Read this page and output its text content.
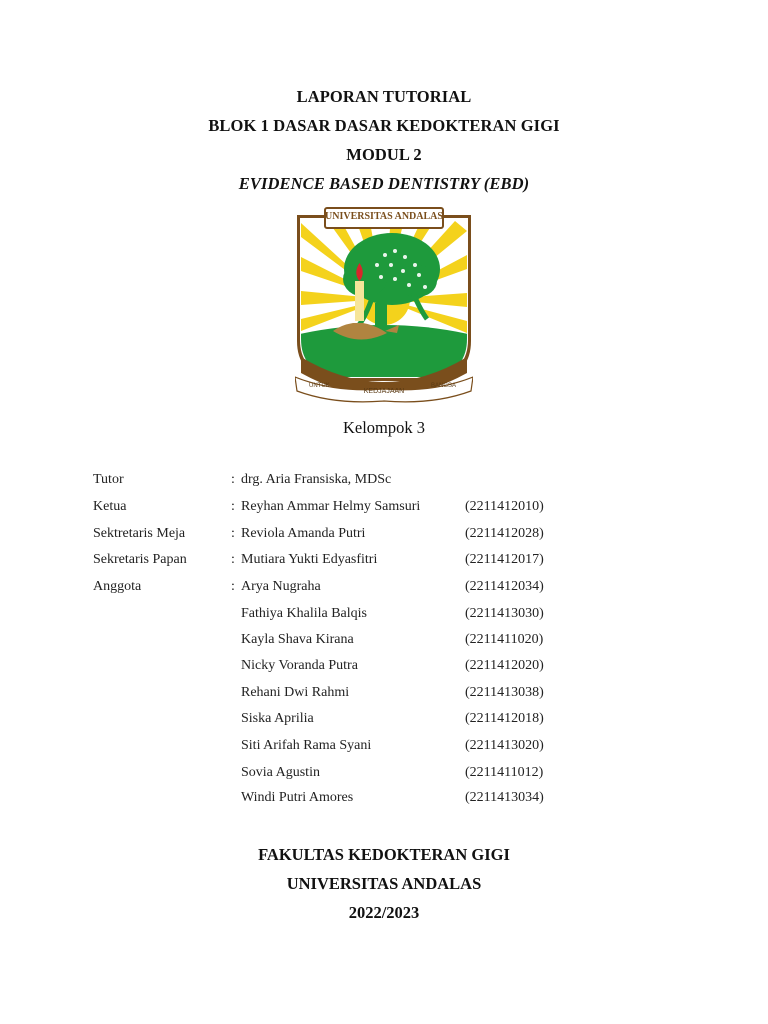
LAPORAN TUTORIAL
BLOK 1 DASAR DASAR KEDOKTERAN GIGI
MODUL 2
EVIDENCE BASED DENTISTRY (EBD)
UNIVERSITAS ANDALAS
UNTUK
KEDJAJAAN
BANGSA
Kelompok 3
Tutor	: drg. Aria Fransiska, MDSc
Ketua	: Reyhan Ammar Helmy Samsuri	(2211412010)
Sektretaris Meja	: Reviola Amanda Putri	(2211412028)
Sekretaris Papan	: Mutiara Yukti Edyasfitri	(2211412017)
Anggota	: Arya Nugraha	(2211412034)
Fathiya Khalila Balqis	(2211413030)
Kayla Shava Kirana	(2211411020)
Nicky Voranda Putra	(2211412020)
Rehani Dwi Rahmi	(2211413038)
Siska Aprilia	(2211412018)
Siti Arifah Rama Syani	(2211413020)
Sovia Agustin	(2211411012)
Windi Putri Amores	(2211413034)
FAKULTAS KEDOKTERAN GIGI
UNIVERSITAS ANDALAS
2022/2023
